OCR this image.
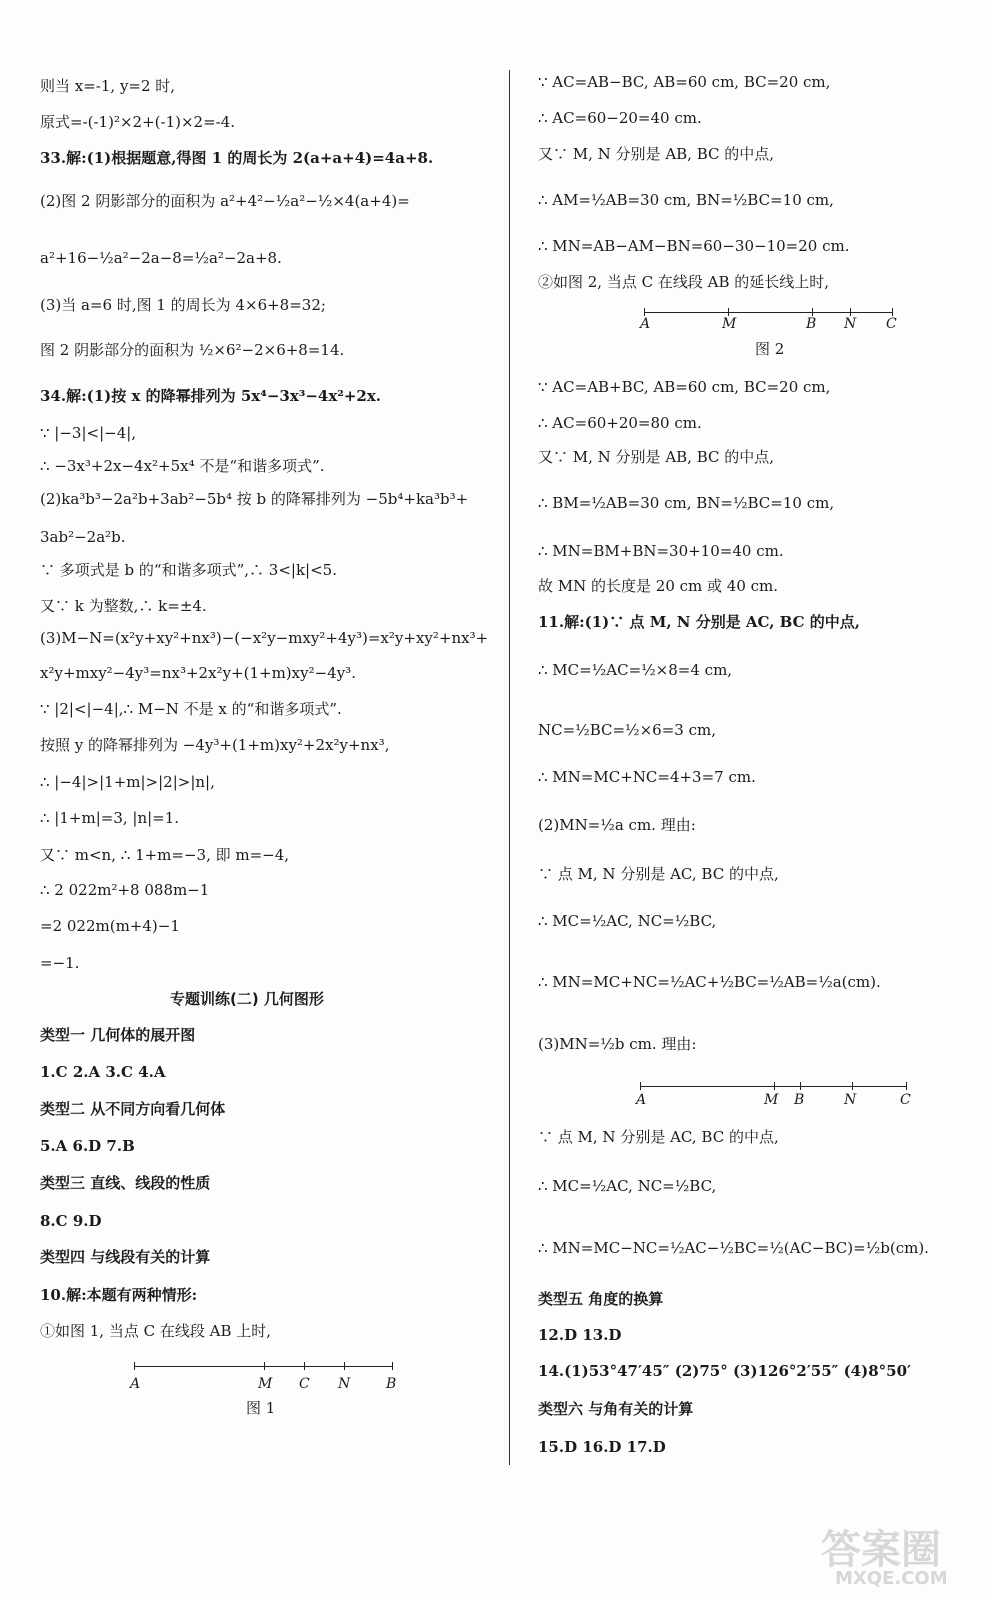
则当 x=-1, y=2 时,
原式=-(-1)²×2+(-1)×2=-4.
33.解:(1)根据题意,得图 1 的周长为 2(a+a+4)=4a+8.
(2)图 2 阴影部分的面积为 a²+4²−½a²−½×4(a+4)=
a²+16−½a²−2a−8=½a²−2a+8.
(3)当 a=6 时,图 1 的周长为 4×6+8=32;
图 2 阴影部分的面积为 ½×6²−2×6+8=14.
34.解:(1)按 x 的降幂排列为 5x⁴−3x³−4x²+2x.
∵ |−3|<|−4|,
∴ −3x³+2x−4x²+5x⁴ 不是“和谐多项式”.
(2)ka³b³−2a²b+3ab²−5b⁴ 按 b 的降幂排列为 −5b⁴+ka³b³+
3ab²−2a²b.
∵ 多项式是 b 的“和谐多项式”,∴ 3<|k|<5.
又∵ k 为整数,∴ k=±4.
(3)M−N=(x²y+xy²+nx³)−(−x²y−mxy²+4y³)=x²y+xy²+nx³+
x²y+mxy²−4y³=nx³+2x²y+(1+m)xy²−4y³.
∵ |2|<|−4|,∴ M−N 不是 x 的“和谐多项式”.
按照 y 的降幂排列为 −4y³+(1+m)xy²+2x²y+nx³,
∴ |−4|>|1+m|>|2|>|n|,
∴ |1+m|=3, |n|=1.
又∵ m<n, ∴ 1+m=−3, 即 m=−4,
∴ 2 022m²+8 088m−1
=2 022m(m+4)−1
=−1.
1.C 2.A 3.C 4.A
5.A 6.D 7.B
8.C 9.D
10.解:本题有两种情形:
①如图 1, 当点 C 在线段 AB 上时,
∵ AC=AB−BC, AB=60 cm, BC=20 cm,
∴ AC=60−20=40 cm.
又∵ M, N 分别是 AB, BC 的中点,
∴ AM=½AB=30 cm, BN=½BC=10 cm,
∴ MN=AB−AM−BN=60−30−10=20 cm.
②如图 2, 当点 C 在线段 AB 的延长线上时,
∵ AC=AB+BC, AB=60 cm, BC=20 cm,
∴ AC=60+20=80 cm.
又∵ M, N 分别是 AB, BC 的中点,
∴ BM=½AB=30 cm, BN=½BC=10 cm,
∴ MN=BM+BN=30+10=40 cm.
故 MN 的长度是 20 cm 或 40 cm.
11.解:(1)∵ 点 M, N 分别是 AC, BC 的中点,
∴ MC=½AC=½×8=4 cm,
NC=½BC=½×6=3 cm,
∴ MN=MC+NC=4+3=7 cm.
(2)MN=½a cm. 理由:
∵ 点 M, N 分别是 AC, BC 的中点,
∴ MC=½AC, NC=½BC,
∴ MN=MC+NC=½AC+½BC=½AB=½a(cm).
(3)MN=½b cm. 理由:
∵ 点 M, N 分别是 AC, BC 的中点,
∴ MC=½AC, NC=½BC,
∴ MN=MC−NC=½AC−½BC=½(AC−BC)=½b(cm).
12.D 13.D
14.(1)53°47′45″ (2)75° (3)126°2′55″ (4)8°50′
15.D 16.D 17.D
专题训练(二) 几何图形
类型一 几何体的展开图
类型二 从不同方向看几何体
类型三 直线、线段的性质
类型四 与线段有关的计算
类型五 角度的换算
类型六 与角有关的计算
A	M C N	B
图 1
A	M	B N C
图 2
A	M B	N	C
答案圈
MXQE.COM
